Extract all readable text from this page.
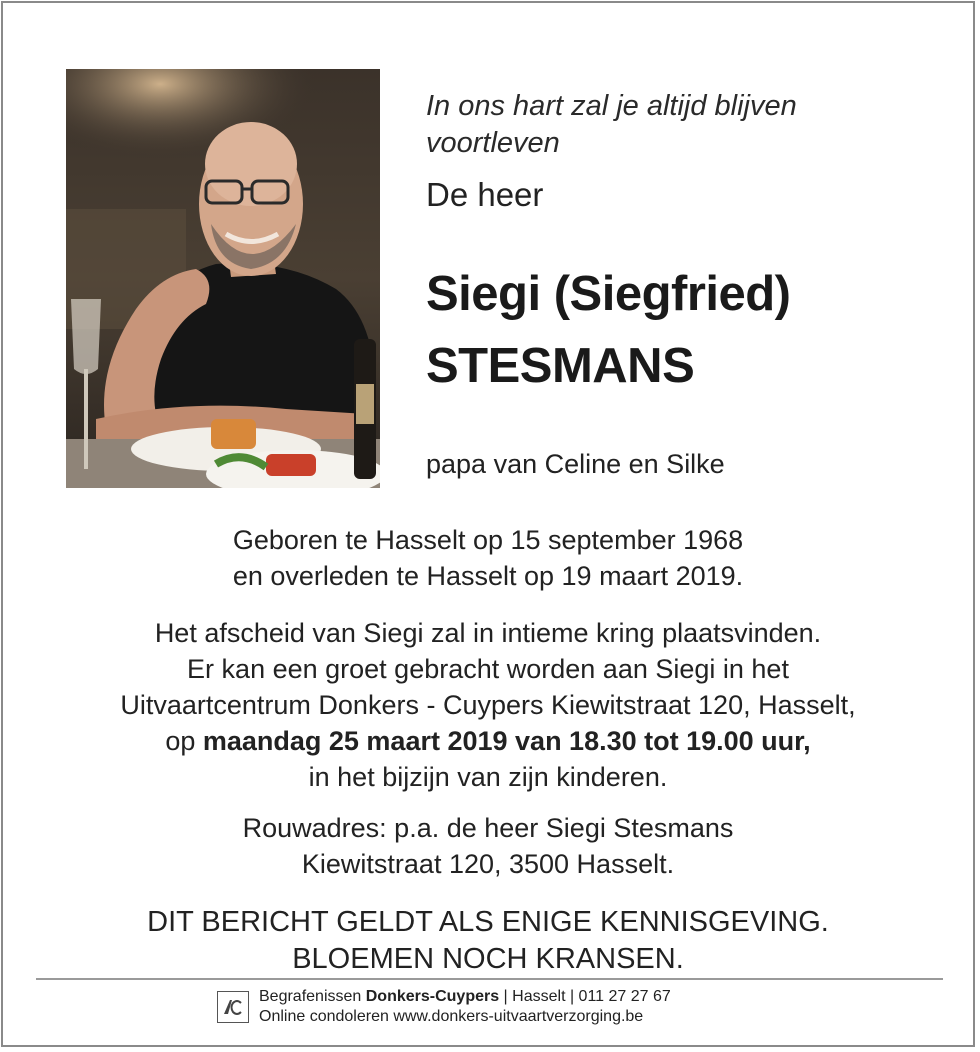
In ons hart zal je altijd blijven
voortleven
De heer
Siegi (Siegfried)
STESMANS
papa van Celine en Silke
Geboren te Hasselt op 15 september 1968
en overleden te Hasselt op 19 maart 2019.
Het afscheid van Siegi zal in intieme kring plaatsvinden.
Er kan een groet gebracht worden aan Siegi in het
Uitvaartcentrum Donkers - Cuypers Kiewitstraat 120, Hasselt,
op maandag 25 maart 2019 van 18.30 tot 19.00 uur,
in het bijzijn van zijn kinderen.
Rouwadres: p.a. de heer Siegi Stesmans
Kiewitstraat 120, 3500 Hasselt.
DIT BERICHT GELDT ALS ENIGE KENNISGEVING.
BLOEMEN NOCH KRANSEN.
Begrafenissen Donkers-Cuypers | Hasselt | 011 27 27 67
Online condoleren www.donkers-uitvaartverzorging.be
